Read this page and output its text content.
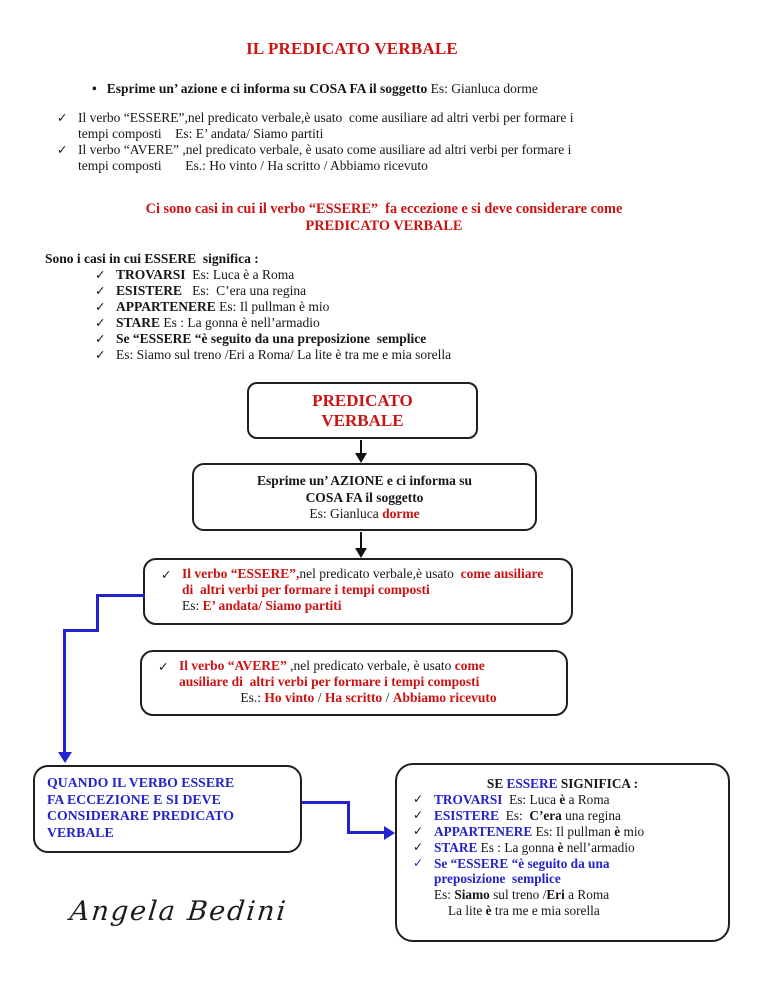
IL PREDICATO VERBALE
• Esprime un’ azione e ci informa su COSA FA il soggetto Es: Gianluca dorme
✓ Il verbo “ESSERE”,nel predicato verbale,è usato  come ausiliare ad altri verbi per formare i
tempi composti    Es: E’ andata/ Siamo partiti
✓ Il verbo “AVERE” ,nel predicato verbale, è usato come ausiliare ad altri verbi per formare i
tempi composti       Es.: Ho vinto / Ha scritto / Abbiamo ricevuto
Ci sono casi in cui il verbo “ESSERE”  fa eccezione e si deve considerare come
PREDICATO VERBALE
Sono i casi in cui ESSERE  significa :
✓ TROVARSI  Es: Luca è a Roma
✓ ESISTERE   Es:  C’era una regina
✓ APPARTENERE Es: Il pullman è mio
✓ STARE Es : La gonna è nell’armadio
✓ Se “ESSERE “è seguito da una preposizione  semplice
✓ Es: Siamo sul treno /Eri a Roma/ La lite è tra me e mia sorella
PREDICATO
VERBALE
Esprime un’ AZIONE e ci informa su
COSA FA il soggetto
Es: Gianluca dorme
✓ Il verbo “ESSERE”,nel predicato verbale,è usato  come ausiliare
di  altri verbi per formare i tempi composti
Es: E’ andata/ Siamo partiti
✓ Il verbo “AVERE” ,nel predicato verbale, è usato come
ausiliare di  altri verbi per formare i tempi composti
Es.: Ho vinto / Ha scritto / Abbiamo ricevuto
QUANDO IL VERBO ESSERE
FA ECCEZIONE E SI DEVE
CONSIDERARE PREDICATO
VERBALE
SE ESSERE SIGNIFICA :
✓ TROVARSI  Es: Luca è a Roma
✓ ESISTERE  Es:  C’era una regina
✓ APPARTENERE Es: Il pullman è mio
✓ STARE Es : La gonna è nell’armadio
✓ Se “ESSERE “è seguito da una
preposizione  semplice
Es: Siamo sul treno /Eri a Roma
La lite è tra me e mia sorella
Angela Bedini
